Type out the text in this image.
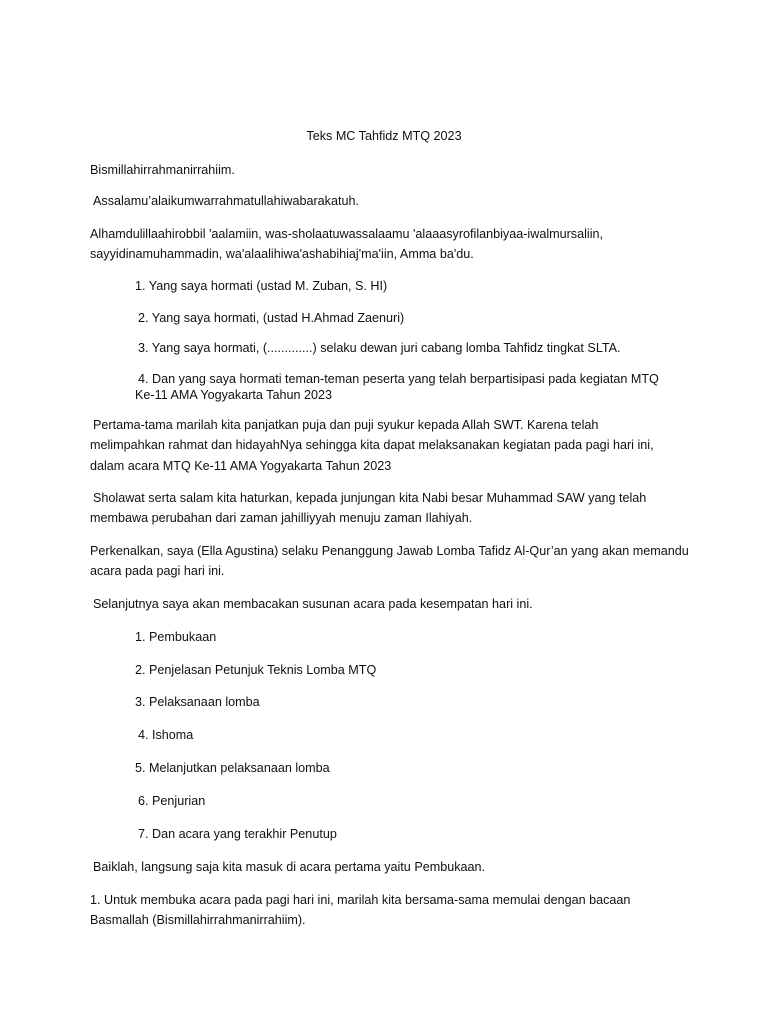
Teks MC Tahfidz MTQ 2023

Bismillahirrahmanirrahiim.

Assalamu’alaikumwarrahmatullahiwabarakatuh.

Alhamdulillaahirobbil 'aalamiin, was-sholaatuwassalaamu 'alaaasyrofilanbiyaa-iwalmursaliin,

sayyidinamuhammadin, wa'alaalihiwa'ashabihiaj'ma'iin, Amma ba'du.

1. Yang saya hormati (ustad M. Zuban, S. HI)

2. Yang saya hormati, (ustad H.Ahmad Zaenuri)

3. Yang saya hormati, (.............) selaku dewan juri cabang lomba Tahfidz tingkat SLTA.

4. Dan yang saya hormati teman-teman peserta yang telah berpartisipasi pada kegiatan MTQ

Ke-11 AMA Yogyakarta Tahun 2023

Pertama-tama marilah kita panjatkan puja dan puji syukur kepada Allah SWT. Karena telah

melimpahkan rahmat dan hidayahNya sehingga kita dapat melaksanakan kegiatan pada pagi hari ini,

dalam acara MTQ Ke-11 AMA Yogyakarta Tahun 2023

Sholawat serta salam kita haturkan, kepada junjungan kita Nabi besar Muhammad SAW yang telah

membawa perubahan dari zaman jahilliyyah menuju zaman Ilahiyah.

Perkenalkan, saya (Ella Agustina) selaku Penanggung Jawab Lomba Tafidz Al-Qur’an yang akan memandu

acara pada pagi hari ini.

Selanjutnya saya akan membacakan susunan acara pada kesempatan hari ini.

1. Pembukaan

2. Penjelasan Petunjuk Teknis Lomba MTQ

3. Pelaksanaan lomba

4. Ishoma

5. Melanjutkan pelaksanaan lomba

6. Penjurian

7. Dan acara yang terakhir Penutup

Baiklah, langsung saja kita masuk di acara pertama yaitu Pembukaan.

1. Untuk membuka acara pada pagi hari ini, marilah kita bersama-sama memulai dengan bacaan

Basmallah (Bismillahirrahmanirrahiim).
